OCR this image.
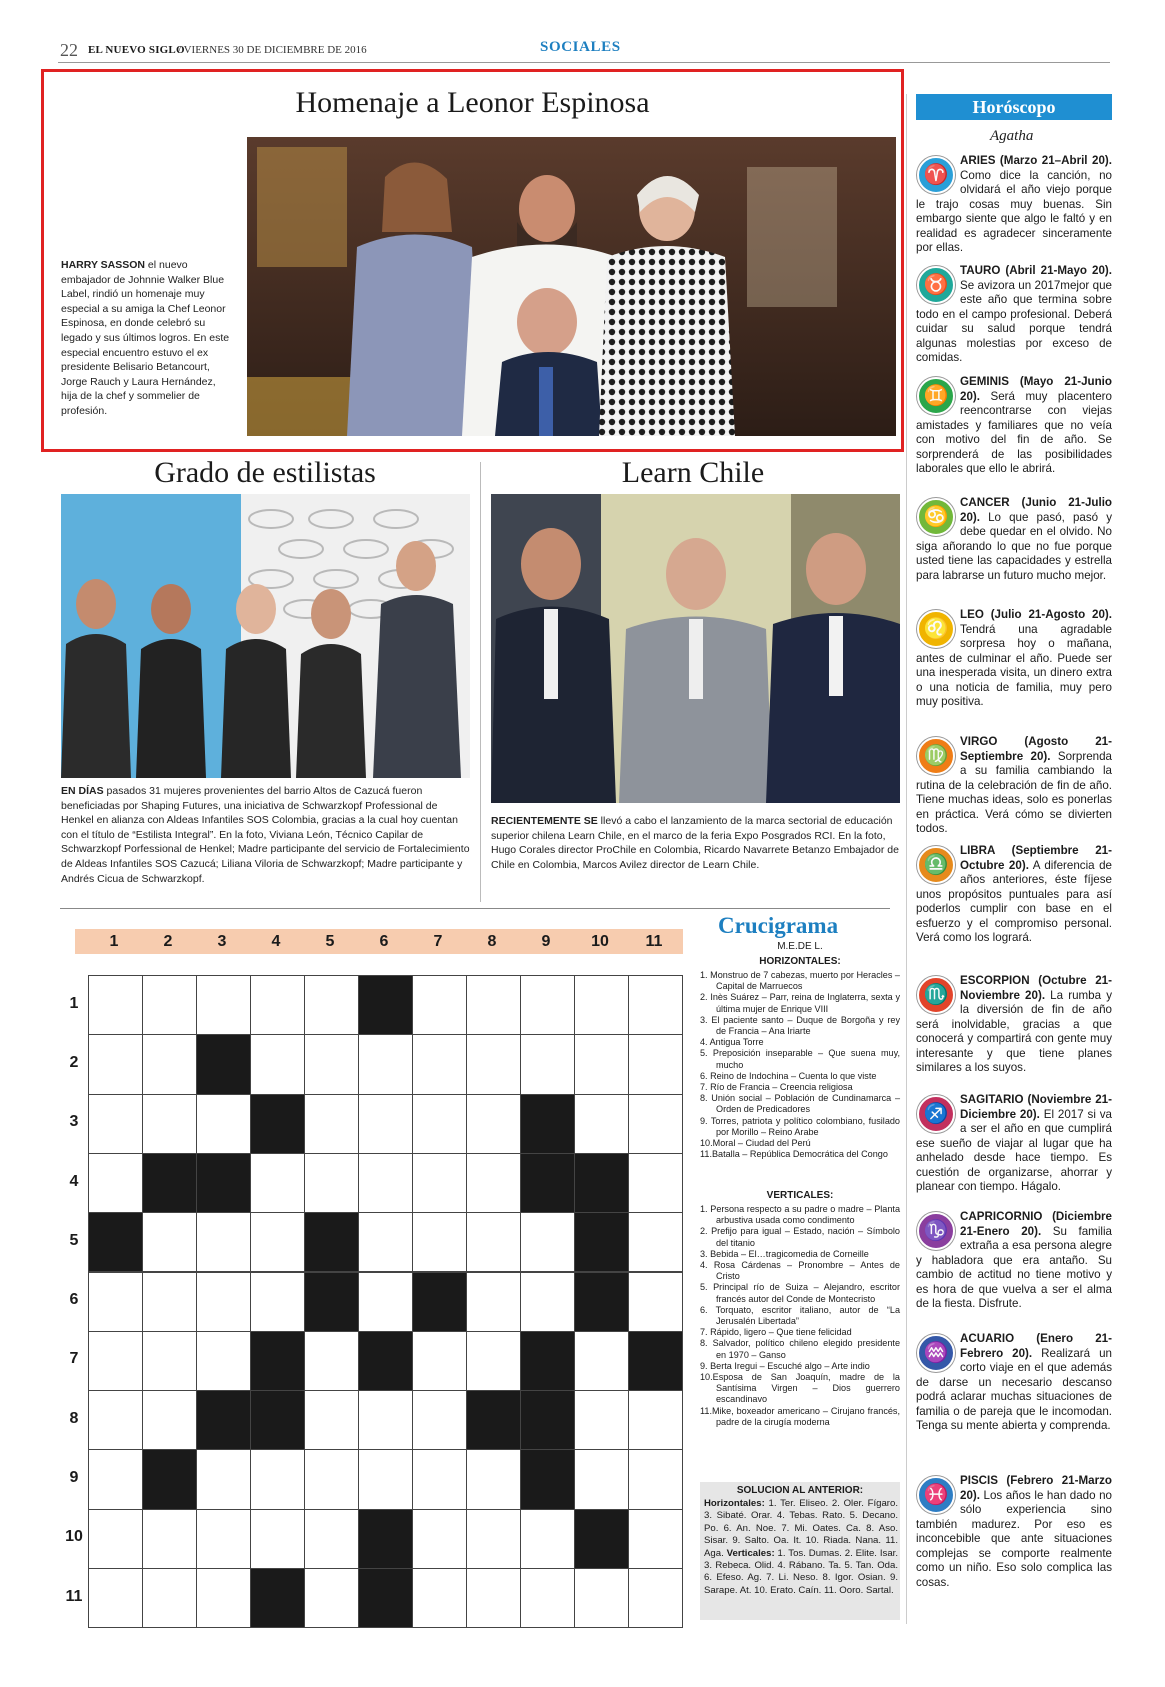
22 EL NUEVO SIGLO
/ VIERNES 30 DE DICIEMBRE DE 2016	SOCIALES
Homenaje a Leonor Espinosa
HARRY SASSON el nuevo embajador de Johnnie Walker Blue Label, rindió un homenaje muy especial a su amiga la Chef Leonor Espinosa, en donde celebró su legado y sus últimos logros. En este especial encuentro estuvo el ex presidente Belisario Betancourt, Jorge Rauch y Laura Hernández, hija de la chef y sommelier de profesión.
Grado de estilistas
EN DÍAS pasados 31 mujeres provenientes del barrio Altos de Cazucá fueron beneficiadas por Shaping Futures, una iniciativa de Schwarzkopf Professional de Henkel en alianza con Aldeas Infantiles SOS Colombia, gracias a la cual hoy cuentan con el título de “Estilista Integral”. En la foto, Viviana León, Técnico Capilar de Schwarzkopf Porfessional de Henkel; Madre participante del servicio de Fortalecimiento de Aldeas Infantiles SOS Cazucá; Liliana Viloria de Schwarzkopf; Madre participante y Andrés Cicua de Schwarzkopf.
Learn Chile
RECIENTEMENTE SE llevó a cabo el lanzamiento de la marca sectorial de educación superior chilena Learn Chile, en el marco de la feria Expo Posgrados RCI. En la foto, Hugo Corales director ProChile en Colombia, Ricardo Navarrete Betanzo Embajador de Chile en Colombia, Marcos Avilez director de Learn Chile.
1	2	3	4	5	6	7	8	9	10	11
1
2
3
4
5
6
7
8
9
10
11
Crucigrama
M.E.DE L.
HORIZONTALES:
1. Monstruo de 7 cabezas, muerto por Heracles – Capital de Marruecos
2. Inès Suárez – Parr, reina de Inglaterra, sexta y última mujer de Enrique VIII
3. El paciente santo – Duque de Borgoña y rey de Francia – Ana Iriarte
4. Antigua Torre
5. Preposición inseparable – Que suena muy, mucho
6. Reino de Indochina – Cuenta lo que viste
7. Río de Francia – Creencia religiosa
8. Unión social – Población de Cundinamarca – Orden de Predicadores
9. Torres, patriota y político colombiano, fusilado por Morillo – Reino Arabe
10.Moral – Ciudad del Perú
11.Batalla – República Democrática del Congo
VERTICALES:
1. Persona respecto a su padre o madre – Planta arbustiva usada como condimento
2. Prefijo para igual – Estado, nación – Símbolo del titanio
3. Bebida – El…tragicomedia de Corneille
4. Rosa Cárdenas – Pronombre – Antes de Cristo
5. Principal río de Suiza – Alejandro, escritor francés autor del Conde de Montecristo
6. Torquato, escritor italiano, autor de “La Jerusalén Libertada”
7. Rápido, ligero – Que tiene felicidad
8. Salvador, político chileno elegido presidente en 1970 – Ganso
9. Berta Iregui – Escuché algo – Arte indio
10.Esposa de San Joaquín, madre de la Santísima Virgen – Dios guerrero escandinavo
11.Mike, boxeador americano – Cirujano francés, padre de la cirugía moderna
SOLUCION AL ANTERIOR:
Horizontales: 1. Ter. Eliseo. 2. Oler. Fígaro. 3. Sibaté. Orar. 4. Tebas. Rato. 5. Decano. Po. 6. An. Noe. 7. Mi. Oates. Ca. 8. Aso. Sisar. 9. Salto. Oa. It. 10. Riada. Nana. 11. Aga. Verticales: 1. Tos. Dumas. 2. Elite. Isar. 3. Rebeca. Olid. 4. Rábano. Ta. 5. Tan. Oda. 6. Efeso. Ag. 7. Li. Neso. 8. Igor. Osian. 9. Sarape. At. 10. Erato. Caín. 11. Ooro. Sartal.
Horóscopo
Agatha
♈
ARIES (Marzo 21–Abril 20). Como dice la canción, no olvidará el año viejo porque le trajo cosas muy buenas. Sin embargo siente que algo le faltó y en realidad es agradecer sinceramente por ellas.
♉
TAURO (Abril 21-Mayo 20). Se avizora un 2017mejor que este año que termina sobre todo en el campo profesional. Deberá cuidar su salud porque tendrá algunas molestias por exceso de comidas.
♊
GEMINIS (Mayo 21-Junio 20). Será muy placentero reencontrarse con viejas amistades y familiares que no veía con motivo del fin de año. Se sorprenderá de las posibilidades laborales que ello le abrirá.
♋
CANCER (Junio 21-Julio 20). Lo que pasó, pasó y debe quedar en el olvido. No siga añorando lo que no fue porque usted tiene las capacidades y estrella para labrarse un futuro mucho mejor.
♌
LEO (Julio 21-Agosto 20). Tendrá una agradable sorpresa hoy o mañana, antes de culminar el año. Puede ser una inesperada visita, un dinero extra o una noticia de familia, muy pero muy positiva.
♍
VIRGO (Agosto 21-Septiembre 20). Sorprenda a su familia cambiando la rutina de la celebración de fin de año. Tiene muchas ideas, solo es ponerlas en práctica. Verá cómo se divierten todos.
♎
LIBRA (Septiembre 21-Octubre 20). A diferencia de años anteriores, éste fíjese unos propósitos puntuales para así poderlos cumplir con base en el esfuerzo y el compromiso personal. Verá como los logrará.
♏
ESCORPION (Octubre 21-Noviembre 20). La rumba y la diversión de fin de año será inolvidable, gracias a que conocerá y compartirá con gente muy interesante y que tiene planes similares a los suyos.
♐
SAGITARIO (Noviembre 21-Diciembre 20). El 2017 si va a ser el año en que cumplirá ese sueño de viajar al lugar que ha anhelado desde hace tiempo. Es cuestión de organizarse, ahorrar y planear con tiempo. Hágalo.
♑
CAPRICORNIO (Diciembre 21-Enero 20). Su familia extraña a esa persona alegre y habladora que era antaño. Su cambio de actitud no tiene motivo y es hora de que vuelva a ser el alma de la fiesta. Disfrute.
♒
ACUARIO (Enero 21-Febrero 20). Realizará un corto viaje en el que además de darse un necesario descanso podrá aclarar muchas situaciones de familia o de pareja que le incomodan. Tenga su mente abierta y comprenda.
♓
PISCIS (Febrero 21-Marzo 20). Los años le han dado no sólo experiencia sino también madurez. Por eso es inconcebible que ante situaciones complejas se comporte realmente como un niño. Eso solo complica las cosas.
